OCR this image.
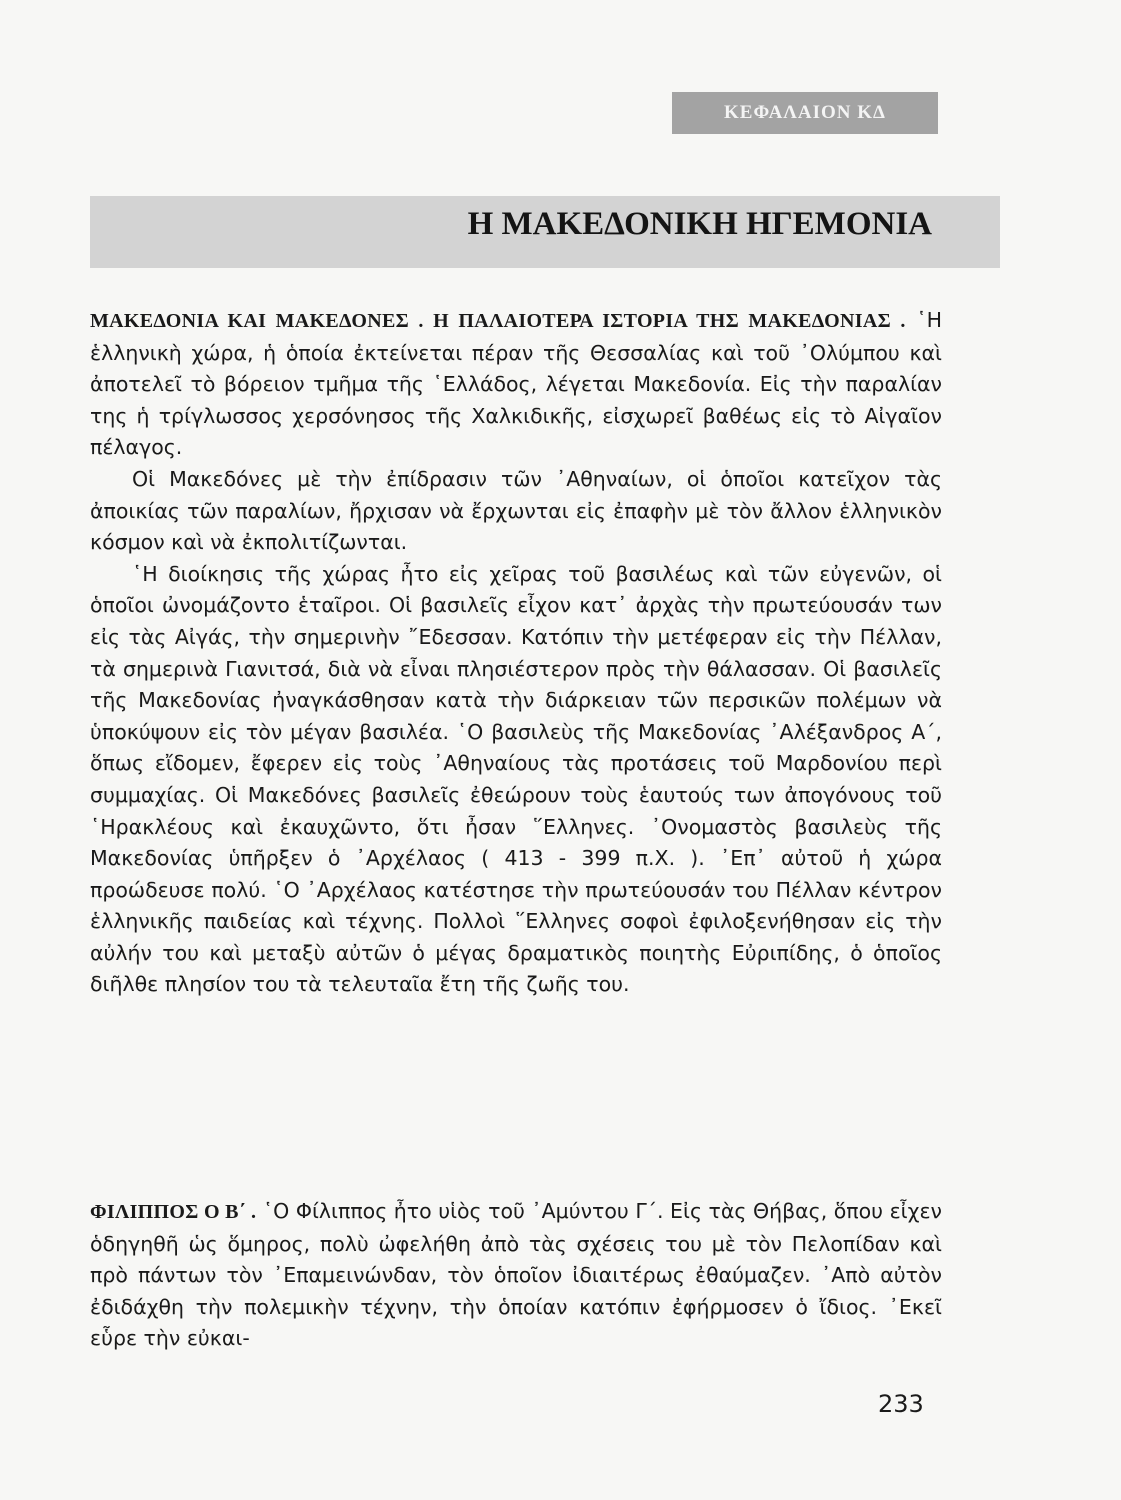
ΚΕΦΑΛΑΙΟΝ ΚΔ
Η ΜΑΚΕΔΟΝΙΚΗ ΗΓΕΜΟΝΙΑ

ΜΑΚΕΔΟΝΙΑ ΚΑΙ ΜΑΚΕΔΟΝΕΣ . Η ΠΑΛΑΙΟΤΕΡΑ ΙΣΤΟΡΙΑ ΤΗΣ ΜΑΚΕΔΟΝΙΑΣ . ῾Η ἑλληνικὴ χώρα, ἡ ὁποία ἐκτείνεται πέραν τῆς Θεσσαλίας καὶ τοῦ ᾽Ολύμπου καὶ ἀποτελεῖ τὸ βόρειον τμῆμα τῆς ῾Ελλάδος, λέγεται Μακεδονία. Εἰς τὴν παραλίαν της ἡ τρίγλωσσος χερσόνησος τῆς Χαλκιδικῆς, εἰσχωρεῖ βαθέως εἰς τὸ Αἰγαῖον πέλαγος.

Οἱ Μακεδόνες μὲ τὴν ἐπίδρασιν τῶν ᾽Αθηναίων, οἱ ὁποῖοι κατεῖχον τὰς ἀποικίας τῶν παραλίων, ἤρχισαν νὰ ἔρχωνται εἰς ἐπαφὴν μὲ τὸν ἄλλον ἑλληνικὸν κόσμον καὶ νὰ ἐκπολιτίζωνται.

῾Η διοίκησις τῆς χώρας ἦτο εἰς χεῖρας τοῦ βασιλέως καὶ τῶν εὐγενῶν, οἱ ὁποῖοι ὠνομάζοντο ἑταῖροι. Οἱ βασιλεῖς εἶχον κατ᾽ ἀρχὰς τὴν πρωτεύουσάν των εἰς τὰς Αἰγάς, τὴν σημερινὴν ῎Εδεσσαν. Κατόπιν τὴν μετέφεραν εἰς τὴν Πέλλαν, τὰ σημερινὰ Γιανιτσά, διὰ νὰ εἶναι πλησιέστερον πρὸς τὴν θάλασσαν. Οἱ βασιλεῖς τῆς Μακεδονίας ἠναγκάσθησαν κατὰ τὴν διάρκειαν τῶν περσικῶν πολέμων νὰ ὑποκύψουν εἰς τὸν μέγαν βασιλέα. ῾Ο βασιλεὺς τῆς Μακεδονίας ᾽Αλέξανδρος Α΄, ὅπως εἴδομεν, ἔφερεν εἰς τοὺς ᾽Αθηναίους τὰς προτάσεις τοῦ Μαρδονίου περὶ συμμαχίας. Οἱ Μακεδόνες βασιλεῖς ἐθεώρουν τοὺς ἑαυτούς των ἀπογόνους τοῦ ῾Ηρακλέους καὶ ἐκαυχῶντο, ὅτι ἦσαν ῞Ελληνες. ᾽Ονομαστὸς βασιλεὺς τῆς Μακεδονίας ὑπῆρξεν ὁ ᾽Αρχέλαος ( 413 - 399 π.Χ. ). ᾽Επ᾽ αὐτοῦ ἡ χώρα προώδευσε πολύ. ῾Ο ᾽Αρχέλαος κατέστησε τὴν πρωτεύουσάν του Πέλλαν κέντρον ἑλληνικῆς παιδείας καὶ τέχνης. Πολλοὶ ῞Ελληνες σοφοὶ ἐφιλοξενήθησαν εἰς τὴν αὐλήν του καὶ μεταξὺ αὐτῶν ὁ μέγας δραματικὸς ποιητὴς Εὐριπίδης, ὁ ὁποῖος διῆλθε πλησίον του τὰ τελευταῖα ἔτη τῆς ζωῆς του.

ΦΙΛΙΠΠΟΣ Ο Β΄ . ῾Ο Φίλιππος ἦτο υἱὸς τοῦ ᾽Αμύντου Γ΄. Εἰς τὰς Θήβας, ὅπου εἶχεν ὁδηγηθῆ ὡς ὅμηρος, πολὺ ὠφελήθη ἀπὸ τὰς σχέσεις του μὲ τὸν Πελοπίδαν καὶ πρὸ πάντων τὸν ᾽Επαμεινώνδαν, τὸν ὁποῖον ἰδιαιτέρως ἐθαύμαζεν. ᾽Απὸ αὐτὸν ἐδιδάχθη τὴν πολεμικὴν τέχνην, τὴν ὁποίαν κατόπιν ἐφήρμοσεν ὁ ἴδιος. ᾽Εκεῖ εὗρε τὴν εὐκαι-

233
